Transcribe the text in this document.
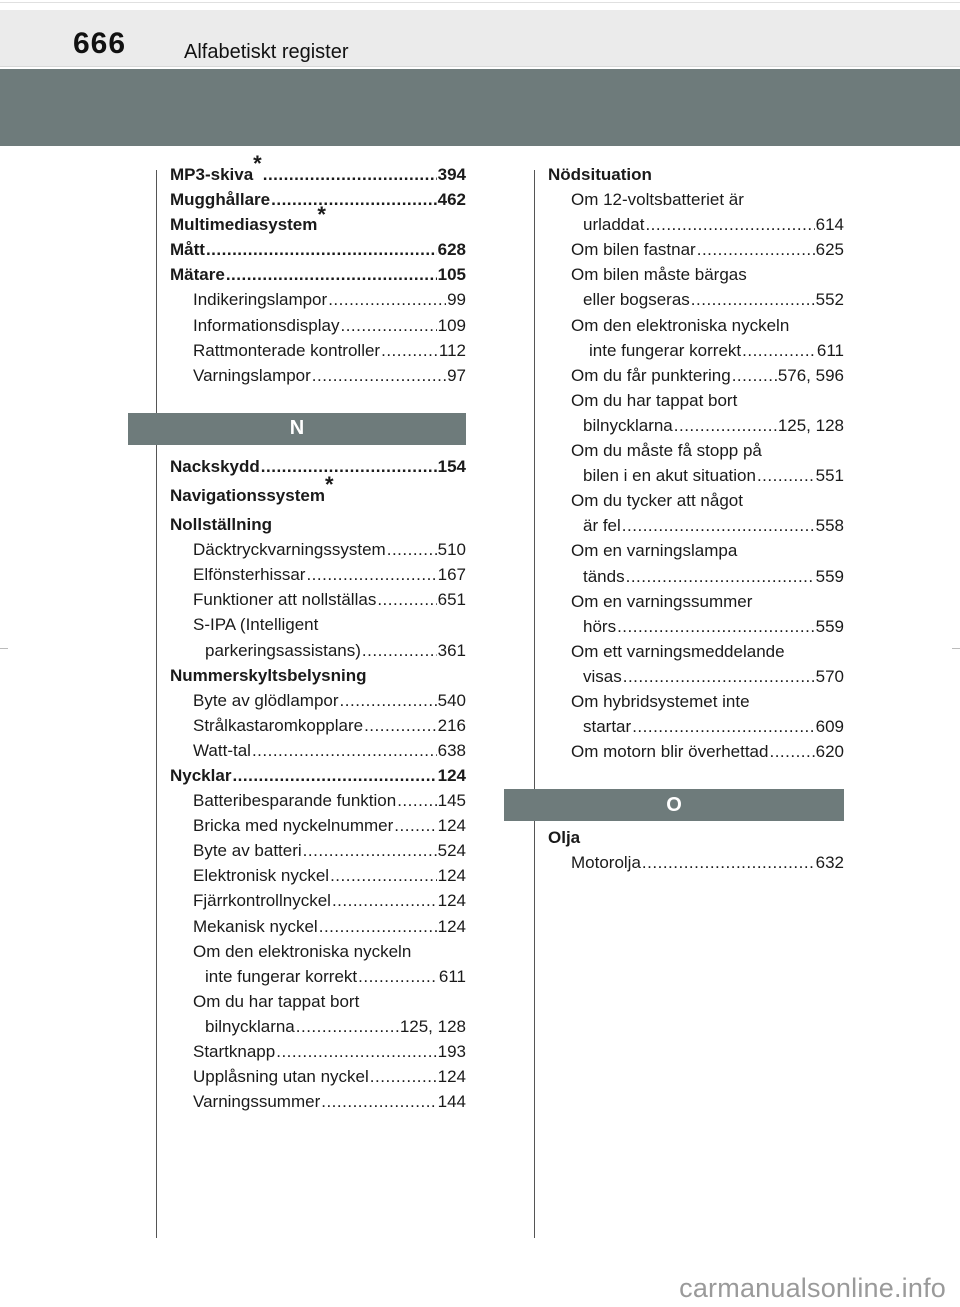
666	Alfabetiskt register
MP3-skiva* .....	394
Mugghållare .....	462
Multimediasystem*
Mått .....	628
Mätare .....	105
Indikeringslampor .....	99
Informationsdisplay .....	109
Rattmonterade kontroller .....	112
Varningslampor .....	97
N
Nackskydd .....	154
Navigationssystem*
Nollställning
Däcktryckvarningssystem .....	510
Elfönsterhissar .....	167
Funktioner att nollställas .....	651
S-IPA (Intelligent
parkeringsassistans) .....	361
Nummerskyltsbelysning
Byte av glödlampor .....	540
Strålkastaromkopplare .....	216
Watt-tal .....	638
Nycklar .....	124
Batteribesparande funktion ..... 145
Bricka med nyckelnummer .....	124
Byte av batteri .....	524
Elektronisk nyckel .....	124
Fjärrkontrollnyckel .....	124
Mekanisk nyckel .....	124
Om den elektroniska nyckeln
inte fungerar korrekt .....	611
Om du har tappat bort
bilnycklarna .....	125, 128
Startknapp .....	193
Upplåsning utan nyckel .....	124
Varningssummer .....	144
Nödsituation
Om 12-voltsbatteriet är
urladdat .....	614
Om bilen fastnar .....	625
Om bilen måste bärgas
eller bogseras .....	552
Om den elektroniska nyckeln
inte fungerar korrekt .....	611
Om du får punktering .....	576, 596
Om du har tappat bort
bilnycklarna .....	125, 128
Om du måste få stopp på
bilen i en akut situation .....	551
Om du tycker att något
är fel .....	558
Om en varningslampa
tänds .....	559
Om en varningssummer
hörs .....	559
Om ett varningsmeddelande
visas .....	570
Om hybridsystemet inte
startar .....	609
Om motorn blir överhettad .....	620
O
Olja
Motorolja .....	632
carmanualsonline.info
